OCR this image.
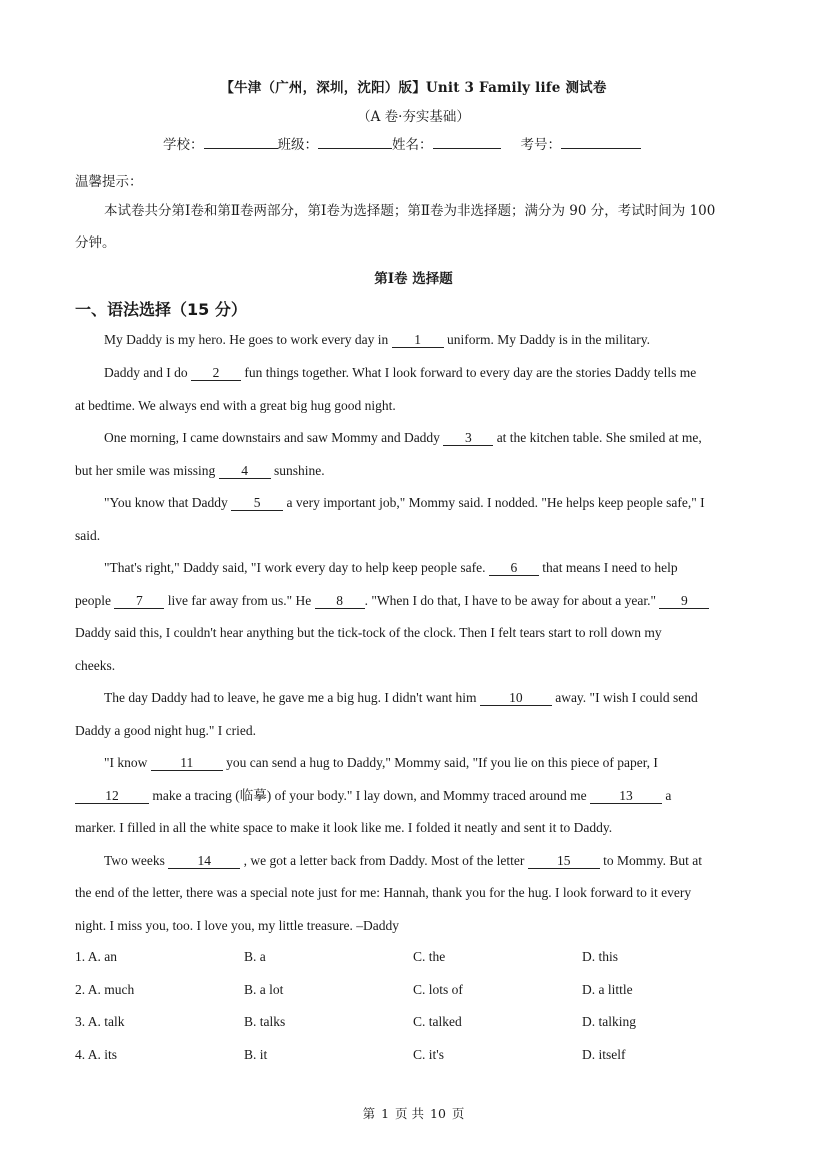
【牛津（广州，深圳，沈阳）版】Unit 3 Family life 测试卷
（A 卷·夯实基础）
学校：	班级：	姓名：	考号：
温馨提示：
本试卷共分第Ⅰ卷和第Ⅱ卷两部分，第Ⅰ卷为选择题；第Ⅱ卷为非选择题；满分为 90 分，考试时间为 100
分钟。
第Ⅰ卷 选择题
一、语法选择（15 分）
My Daddy is my hero. He goes to work every day in 1 uniform. My Daddy is in the military.
Daddy and I do 2 fun things together. What I look forward to every day are the stories Daddy tells me
at bedtime. We always end with a great big hug good night.
One morning, I came downstairs and saw Mommy and Daddy 3 at the kitchen table. She smiled at me,
but her smile was missing 4 sunshine.
"You know that Daddy 5 a very important job," Mommy said. I nodded. "He helps keep people safe," I
said.
"That's right," Daddy said, "I work every day to help keep people safe. 6 that means I need to help
people 7 live far away from us." He 8 . "When I do that, I have to be away for about a year." 9
Daddy said this, I couldn't hear anything but the tick-tock of the clock. Then I felt tears start to roll down my
cheeks.
The day Daddy had to leave, he gave me a big hug. I didn't want him 10 away. "I wish I could send
Daddy a good night hug." I cried.
"I know 11 you can send a hug to Daddy," Mommy said, "If you lie on this piece of paper, I
12 make a tracing (临摹) of your body." I lay down, and Mommy traced around me 13 a
marker. I filled in all the white space to make it look like me. I folded it neatly and sent it to Daddy.
Two weeks 14 , we got a letter back from Daddy. Most of the letter 15 to Mommy. But at
the end of the letter, there was a special note just for me: Hannah, thank you for the hug. I look forward to it every
night. I miss you, too. I love you, my little treasure. –Daddy
1. A. an	B. a	C. the	D. this
2. A. much	B. a lot	C. lots of	D. a little
3. A. talk	B. talks	C. talked	D. talking
4. A. its	B. it	C. it's	D. itself
第 1 页 共 10 页
